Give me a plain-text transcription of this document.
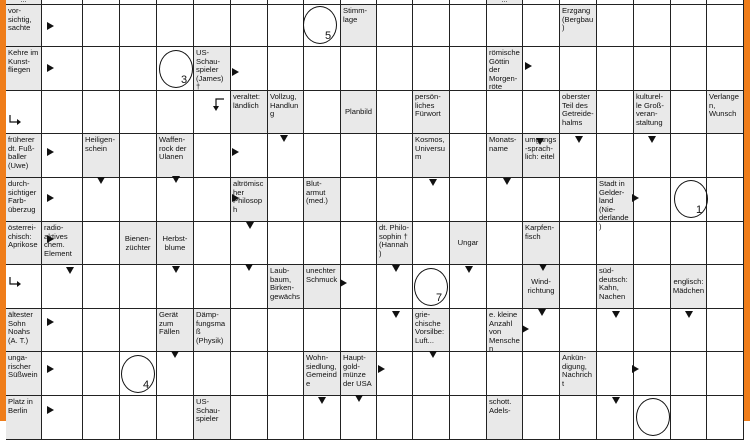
vor-sichtig, sachte
Stimm-lage
Erzgang (Bergbau)
Kehre im Kunst-fliegen
US-Schau-spieler (James) †
römische Göttin der Morgen-röte
veraltet: ländlich
Vollzug, Handlung	Planbild
persön-liches Fürwort
oberster Teil des Getreide-halms
kulturel-le Groß-veran-staltung
Verlangen, Wunsch
früherer dt. Fuß-baller (Uwe)
Heiligen-schein
Waffen-rock der Ulanen
Kosmos, Universum
Monats-name
umgangs-sprach-lich: eitel
durch-sichtiger Farb-überzug
altrömischer Philosoph
Blut-armut (med.)
Stadt in Gelder-land (Nie-derlande)
österrei-chisch: Aprikose
radio-aktives chem. Element
Bienen-züchter
Herbst-blume
dt. Philo-sophin † (Hannah)
Ungar
Karpfen-fisch
Laub-baum, Birken-gewächs
unechter Schmuck	Wind-richtung
süd-deutsch: Kahn, Nachen
englisch: Mädchen
ältester Sohn Noahs (A. T.)
Gerät zum Fällen
Dämp-fungsmaß (Physik)
grie-chische Vorsilbe: Luft...
e. kleine Anzahl von Menschen
unga-rischer Süßwein
Wohn-siedlung, Gemeinde
Haupt-gold-münze der USA
Ankün-digung, Nachricht
Platz in Berlin
US-Schau-spieler
schott. Adels-
5
3
1
7
4
